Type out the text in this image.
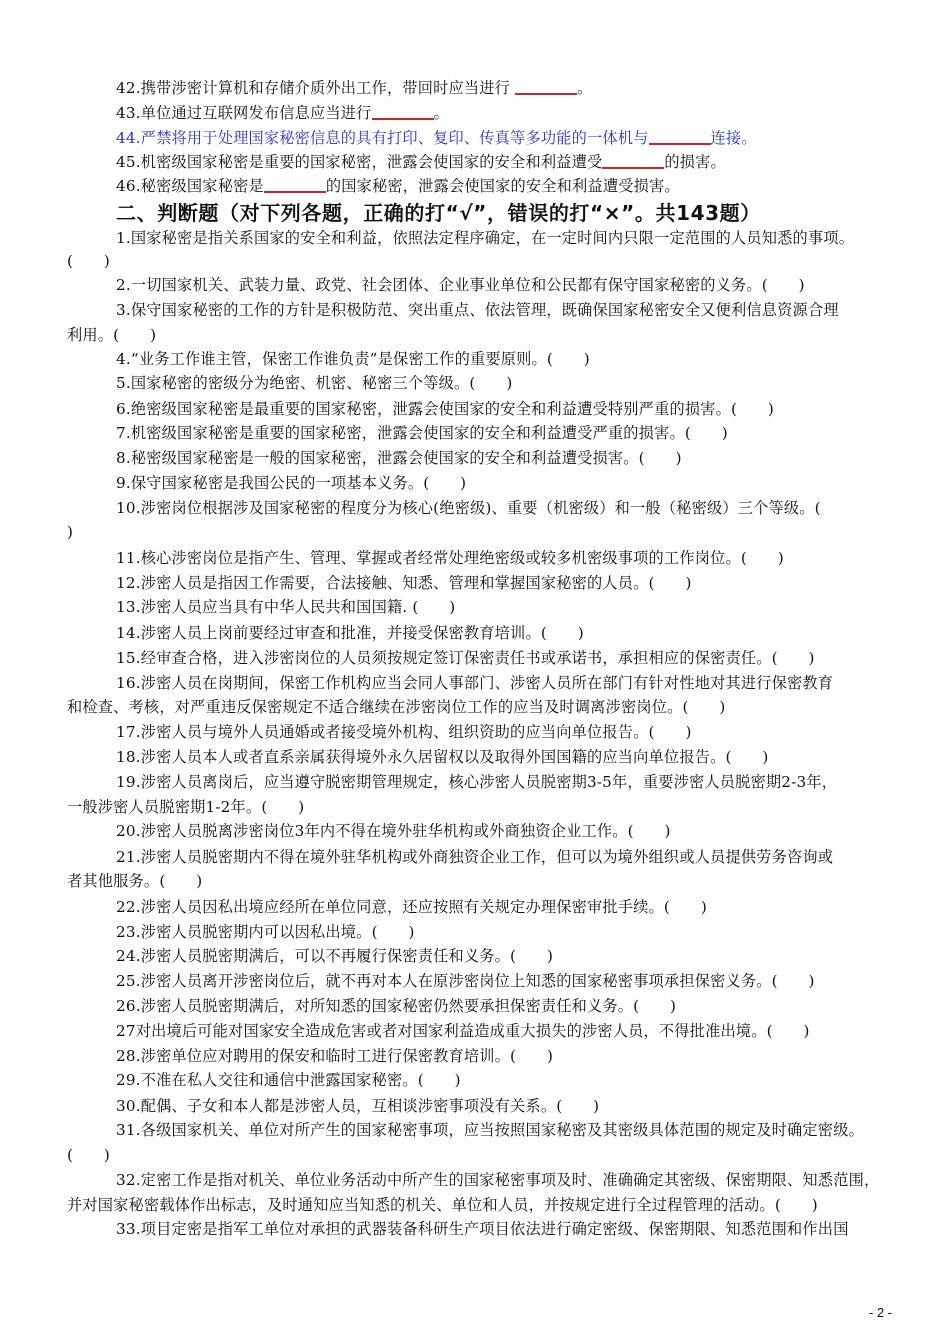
42.携带涉密计算机和存储介质外出工作，带回时应当进行	。
43.单位通过互联网发布信息应当进行	。
44.严禁将用于处理国家秘密信息的具有打印、复印、传真等多功能的一体机与	连接。
45.机密级国家秘密是重要的国家秘密，泄露会使国家的安全和利益遭受	的损害。
46.秘密级国家秘密是	的国家秘密，泄露会使国家的安全和利益遭受损害。
二、判断题（对下列各题，正确的打“√”，错误的打“×”。共143题）
1.国家秘密是指关系国家的安全和利益，依照法定程序确定，在一定时间内只限一定范围的人员知悉的事项。
(　　)
2.一切国家机关、武装力量、政党、社会团体、企业事业单位和公民都有保守国家秘密的义务。(　　)
3.保守国家秘密的工作的方针是积极防范、突出重点、依法管理，既确保国家秘密安全又便利信息资源合理
利用。(　　)
4.“业务工作谁主管，保密工作谁负责”是保密工作的重要原则。(　　)
5.国家秘密的密级分为绝密、机密、秘密三个等级。(　　)
6.绝密级国家秘密是最重要的国家秘密，泄露会使国家的安全和利益遭受特别严重的损害。(　　)
7.机密级国家秘密是重要的国家秘密，泄露会使国家的安全和利益遭受严重的损害。(　　)
8.秘密级国家秘密是一般的国家秘密，泄露会使国家的安全和利益遭受损害。(　　)
9.保守国家秘密是我国公民的一项基本义务。(　　)
10.涉密岗位根据涉及国家秘密的程度分为核心(绝密级)、重要（机密级）和一般（秘密级）三个等级。(
)
11.核心涉密岗位是指产生、管理、掌握或者经常处理绝密级或较多机密级事项的工作岗位。(　　)
12.涉密人员是指因工作需要，合法接触、知悉、管理和掌握国家秘密的人员。(　　)
13.涉密人员应当具有中华人民共和国国籍. (　　)
14.涉密人员上岗前要经过审查和批准，并接受保密教育培训。(　　)
15.经审查合格，进入涉密岗位的人员须按规定签订保密责任书或承诺书，承担相应的保密责任。(　　)
16.涉密人员在岗期间，保密工作机构应当会同人事部门、涉密人员所在部门有针对性地对其进行保密教育
和检查、考核，对严重违反保密规定不适合继续在涉密岗位工作的应当及时调离涉密岗位。(　　)
17.涉密人员与境外人员通婚或者接受境外机构、组织资助的应当向单位报告。(　　)
18.涉密人员本人或者直系亲属获得境外永久居留权以及取得外国国籍的应当向单位报告。(　　)
19.涉密人员离岗后，应当遵守脱密期管理规定，核心涉密人员脱密期3-5年，重要涉密人员脱密期2-3年，
一般涉密人员脱密期1-2年。(　　)
20.涉密人员脱离涉密岗位3年内不得在境外驻华机构或外商独资企业工作。(　　)
21.涉密人员脱密期内不得在境外驻华机构或外商独资企业工作，但可以为境外组织或人员提供劳务咨询或
者其他服务。(　　)
22.涉密人员因私出境应经所在单位同意，还应按照有关规定办理保密审批手续。(　　)
23.涉密人员脱密期内可以因私出境。(　　)
24.涉密人员脱密期满后，可以不再履行保密责任和义务。(　　)
25.涉密人员离开涉密岗位后，就不再对本人在原涉密岗位上知悉的国家秘密事项承担保密义务。(　　)
26.涉密人员脱密期满后，对所知悉的国家秘密仍然要承担保密责任和义务。(　　)
27对出境后可能对国家安全造成危害或者对国家利益造成重大损失的涉密人员，不得批准出境。(　　)
28.涉密单位应对聘用的保安和临时工进行保密教育培训。(　　)
29.不准在私人交往和通信中泄露国家秘密。(　　)
30.配偶、子女和本人都是涉密人员，互相谈涉密事项没有关系。(　　)
31.各级国家机关、单位对所产生的国家秘密事项，应当按照国家秘密及其密级具体范围的规定及时确定密级。
(　　)
32.定密工作是指对机关、单位业务活动中所产生的国家秘密事项及时、准确确定其密级、保密期限、知悉范围，
并对国家秘密载体作出标志，及时通知应当知悉的机关、单位和人员，并按规定进行全过程管理的活动。(　　)
33.项目定密是指军工单位对承担的武器装备科研生产项目依法进行确定密级、保密期限、知悉范围和作出国
- 2 -
